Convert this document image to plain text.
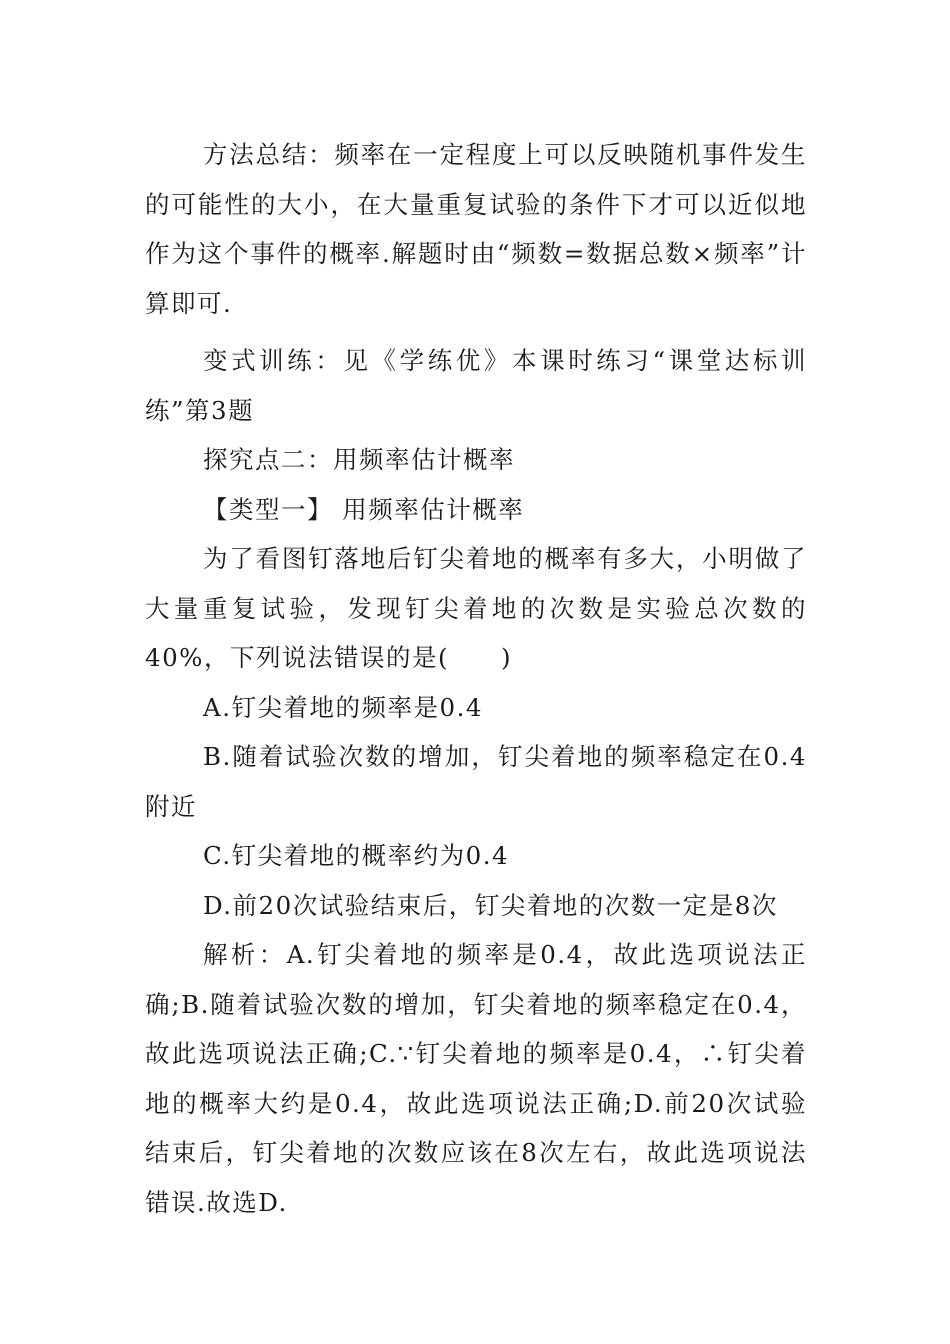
方法总结：频率在一定程度上可以反映随机事件发生的可能性的大小，在大量重复试验的条件下才可以近似地作为这个事件的概率.解题时由“频数=数据总数×频率”计算即可.

变式训练：见《学练优》本课时练习“课堂达标训练”第3题

探究点二：用频率估计概率

【类型一】 用频率估计概率

为了看图钉落地后钉尖着地的概率有多大，小明做了大量重复试验，发现钉尖着地的次数是实验总次数的40%，下列说法错误的是(　　)

A.钉尖着地的频率是0.4

B.随着试验次数的增加，钉尖着地的频率稳定在0.4附近

C.钉尖着地的概率约为0.4

D.前20次试验结束后，钉尖着地的次数一定是8次

解析：A.钉尖着地的频率是0.4，故此选项说法正确;B.随着试验次数的增加，钉尖着地的频率稳定在0.4，故此选项说法正确;C.∵钉尖着地的频率是0.4，∴钉尖着地的概率大约是0.4，故此选项说法正确;D.前20次试验结束后，钉尖着地的次数应该在8次左右，故此选项说法错误.故选D.
